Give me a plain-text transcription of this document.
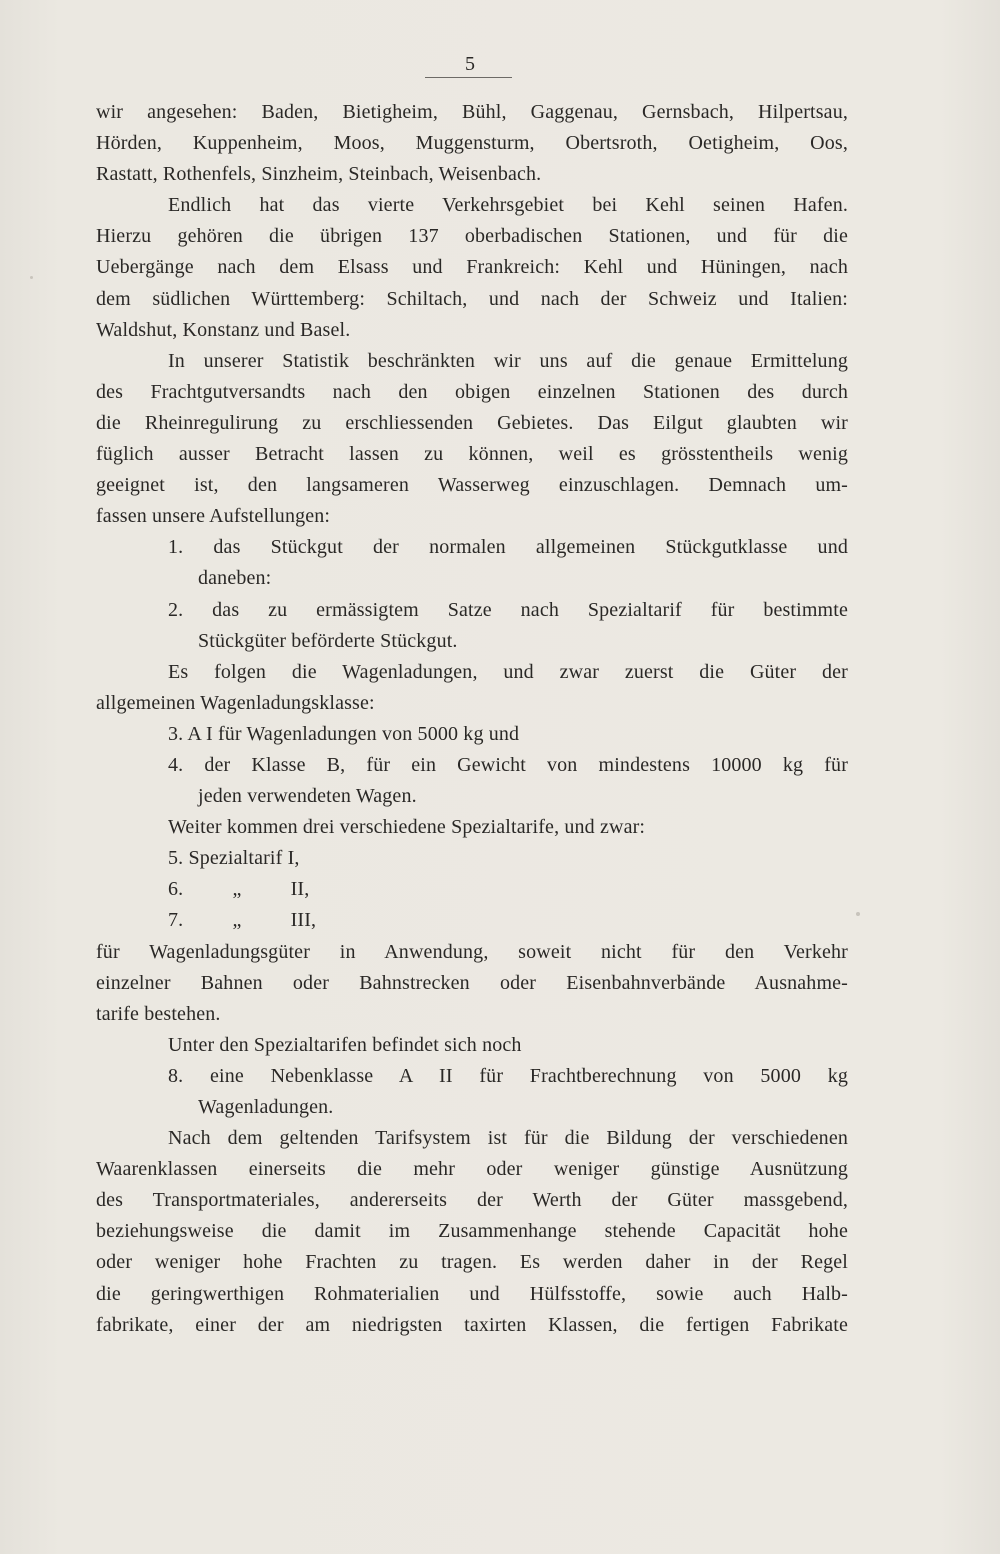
5
wir angesehen: Baden, Bietigheim, Bühl, Gaggenau, Gernsbach, Hilpertsau,
Hörden, Kuppenheim, Moos, Muggensturm, Obertsroth, Oetigheim, Oos,
Rastatt, Rothenfels, Sinzheim, Steinbach, Weisenbach.
Endlich hat das vierte Verkehrsgebiet bei Kehl seinen Hafen.
Hierzu gehören die übrigen 137 oberbadischen Stationen, und für die
Uebergänge nach dem Elsass und Frankreich: Kehl und Hüningen, nach
dem südlichen Württemberg: Schiltach, und nach der Schweiz und Italien:
Waldshut, Konstanz und Basel.
In unserer Statistik beschränkten wir uns auf die genaue Ermittelung
des Frachtgutversandts nach den obigen einzelnen Stationen des durch
die Rheinregulirung zu erschliessenden Gebietes. Das Eilgut glaubten wir
füglich ausser Betracht lassen zu können, weil es grösstentheils wenig
geeignet ist, den langsameren Wasserweg einzuschlagen. Demnach um-
fassen unsere Aufstellungen:
1. das Stückgut der normalen allgemeinen Stückgutklasse und
daneben:
2. das zu ermässigtem Satze nach Spezialtarif für bestimmte
Stückgüter beförderte Stückgut.
Es folgen die Wagenladungen, und zwar zuerst die Güter der
allgemeinen Wagenladungsklasse:
3. A I für Wagenladungen von 5000 kg und
4. der Klasse B, für ein Gewicht von mindestens 10000 kg für
jeden verwendeten Wagen.
Weiter kommen drei verschiedene Spezialtarife, und zwar:
5. Spezialtarif I,
6. „ II,
7. „ III,
für Wagenladungsgüter in Anwendung, soweit nicht für den Verkehr
einzelner Bahnen oder Bahnstrecken oder Eisenbahnverbände Ausnahme-
tarife bestehen.
Unter den Spezialtarifen befindet sich noch
8. eine Nebenklasse A II für Frachtberechnung von 5000 kg
Wagenladungen.
Nach dem geltenden Tarifsystem ist für die Bildung der verschiedenen
Waarenklassen einerseits die mehr oder weniger günstige Ausnützung
des Transportmateriales, andererseits der Werth der Güter massgebend,
beziehungsweise die damit im Zusammenhange stehende Capacität hohe
oder weniger hohe Frachten zu tragen. Es werden daher in der Regel
die geringwerthigen Rohmaterialien und Hülfsstoffe, sowie auch Halb-
fabrikate, einer der am niedrigsten taxirten Klassen, die fertigen Fabrikate
